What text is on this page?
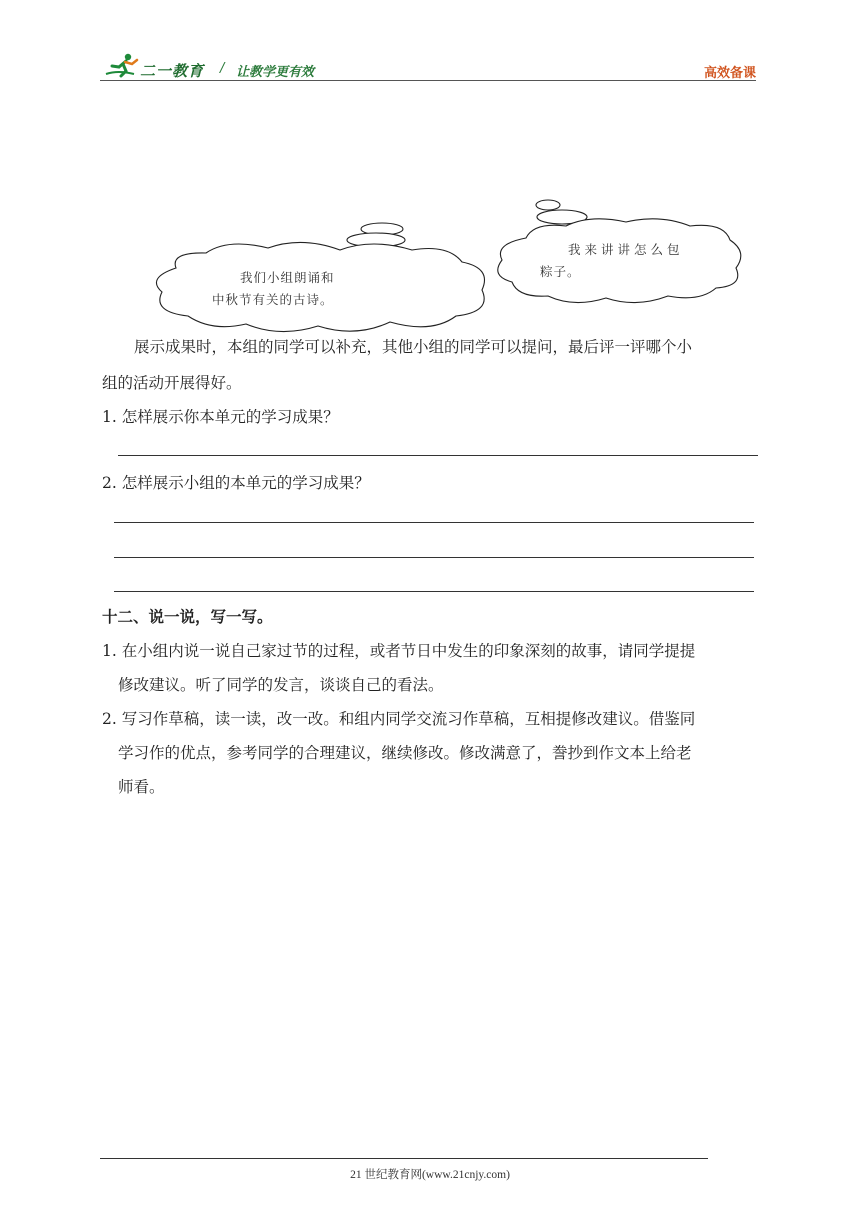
二一教育 / 让教学更有效	高效备课
我们小组朗诵和
中秋节有关的古诗。
我来讲讲怎么包
粽子。
展示成果时，本组的同学可以补充，其他小组的同学可以提问，最后评一评哪个小
组的活动开展得好。
1. 怎样展示你本单元的学习成果？
2. 怎样展示小组的本单元的学习成果？
十二、说一说，写一写。
1. 在小组内说一说自己家过节的过程，或者节日中发生的印象深刻的故事，请同学提提
修改建议。听了同学的发言，谈谈自己的看法。
2. 写习作草稿，读一读，改一改。和组内同学交流习作草稿，互相提修改建议。借鉴同
学习作的优点，参考同学的合理建议，继续修改。修改满意了，誊抄到作文本上给老
师看。
21 世纪教育网(www.21cnjy.com)
